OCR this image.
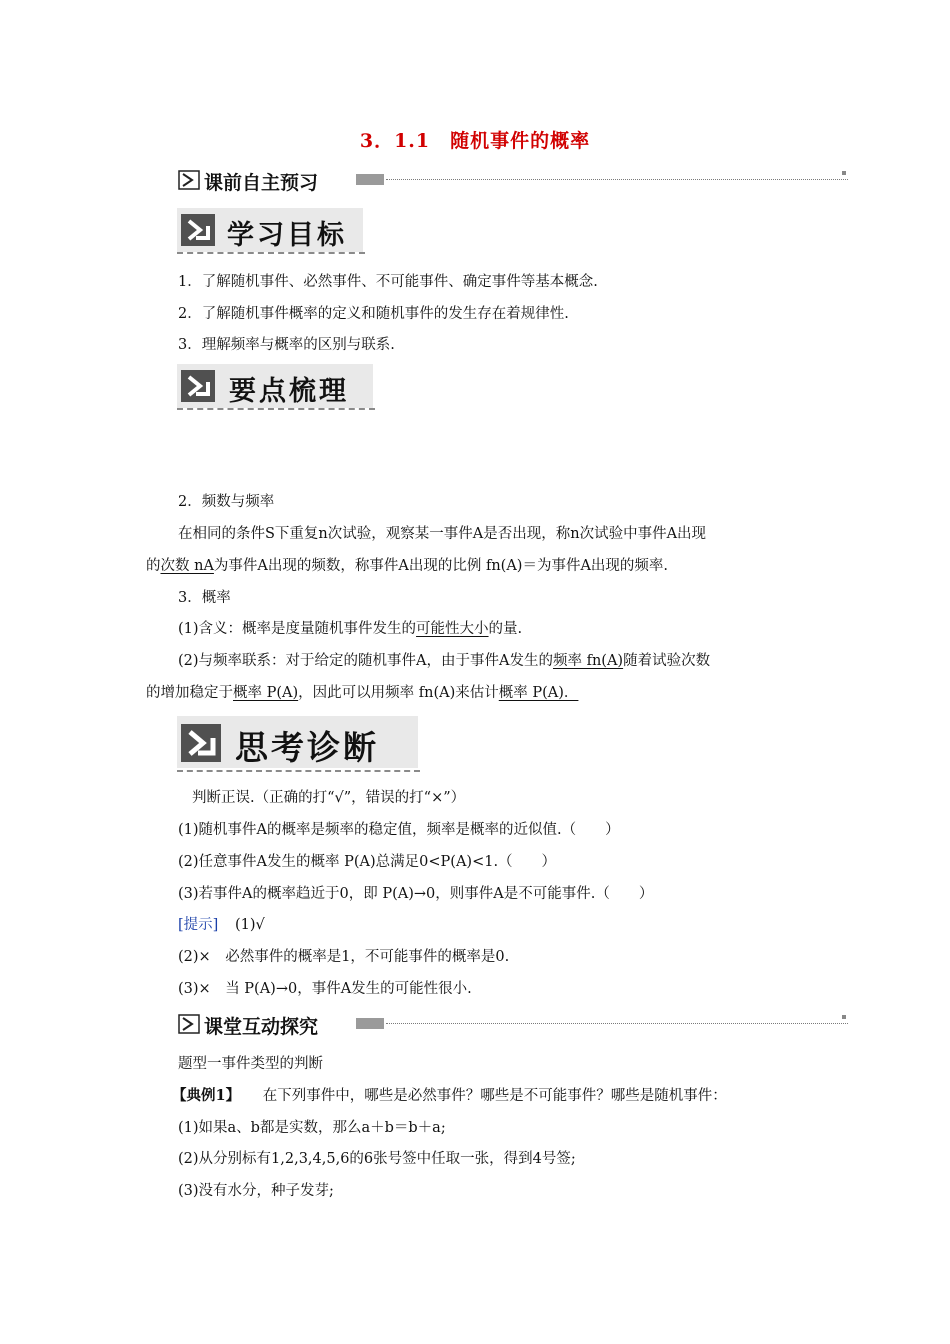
3．1.1　随机事件的概率
课前自主预习
学习目标
1．了解随机事件、必然事件、不可能事件、确定事件等基本概念.
2．了解随机事件概率的定义和随机事件的发生存在着规律性.
3．理解频率与概率的区别与联系.
要点梳理
2．频数与频率
在相同的条件S下重复n次试验，观察某一事件A是否出现，称n次试验中事件A出现
的次数 nA为事件A出现的频数，称事件A出现的比例 fn(A)＝为事件A出现的频率.
3．概率
(1)含义：概率是度量随机事件发生的可能性大小的量.
(2)与频率联系：对于给定的随机事件A，由于事件A发生的频率 fn(A)随着试验次数
的增加稳定于概率 P(A)，因此可以用频率 fn(A)来估计概率 P(A)．
思考诊断
判断正误.（正确的打“√”，错误的打“×”）
(1)随机事件A的概率是频率的稳定值，频率是概率的近似值.（　　）
(2)任意事件A发生的概率 P(A)总满足0<P(A)<1.（　　）
(3)若事件A的概率趋近于0，即 P(A)→0，则事件A是不可能事件.（　　）
[提示] (1)√
(2)×　必然事件的概率是1，不可能事件的概率是0.
(3)×　当 P(A)→0，事件A发生的可能性很小.
课堂互动探究
题型一事件类型的判断
【典例1】 在下列事件中，哪些是必然事件？哪些是不可能事件？哪些是随机事件：
(1)如果a、b都是实数，那么a＋b＝b＋a;
(2)从分别标有1,2,3,4,5,6的6张号签中任取一张，得到4号签;
(3)没有水分，种子发芽;
